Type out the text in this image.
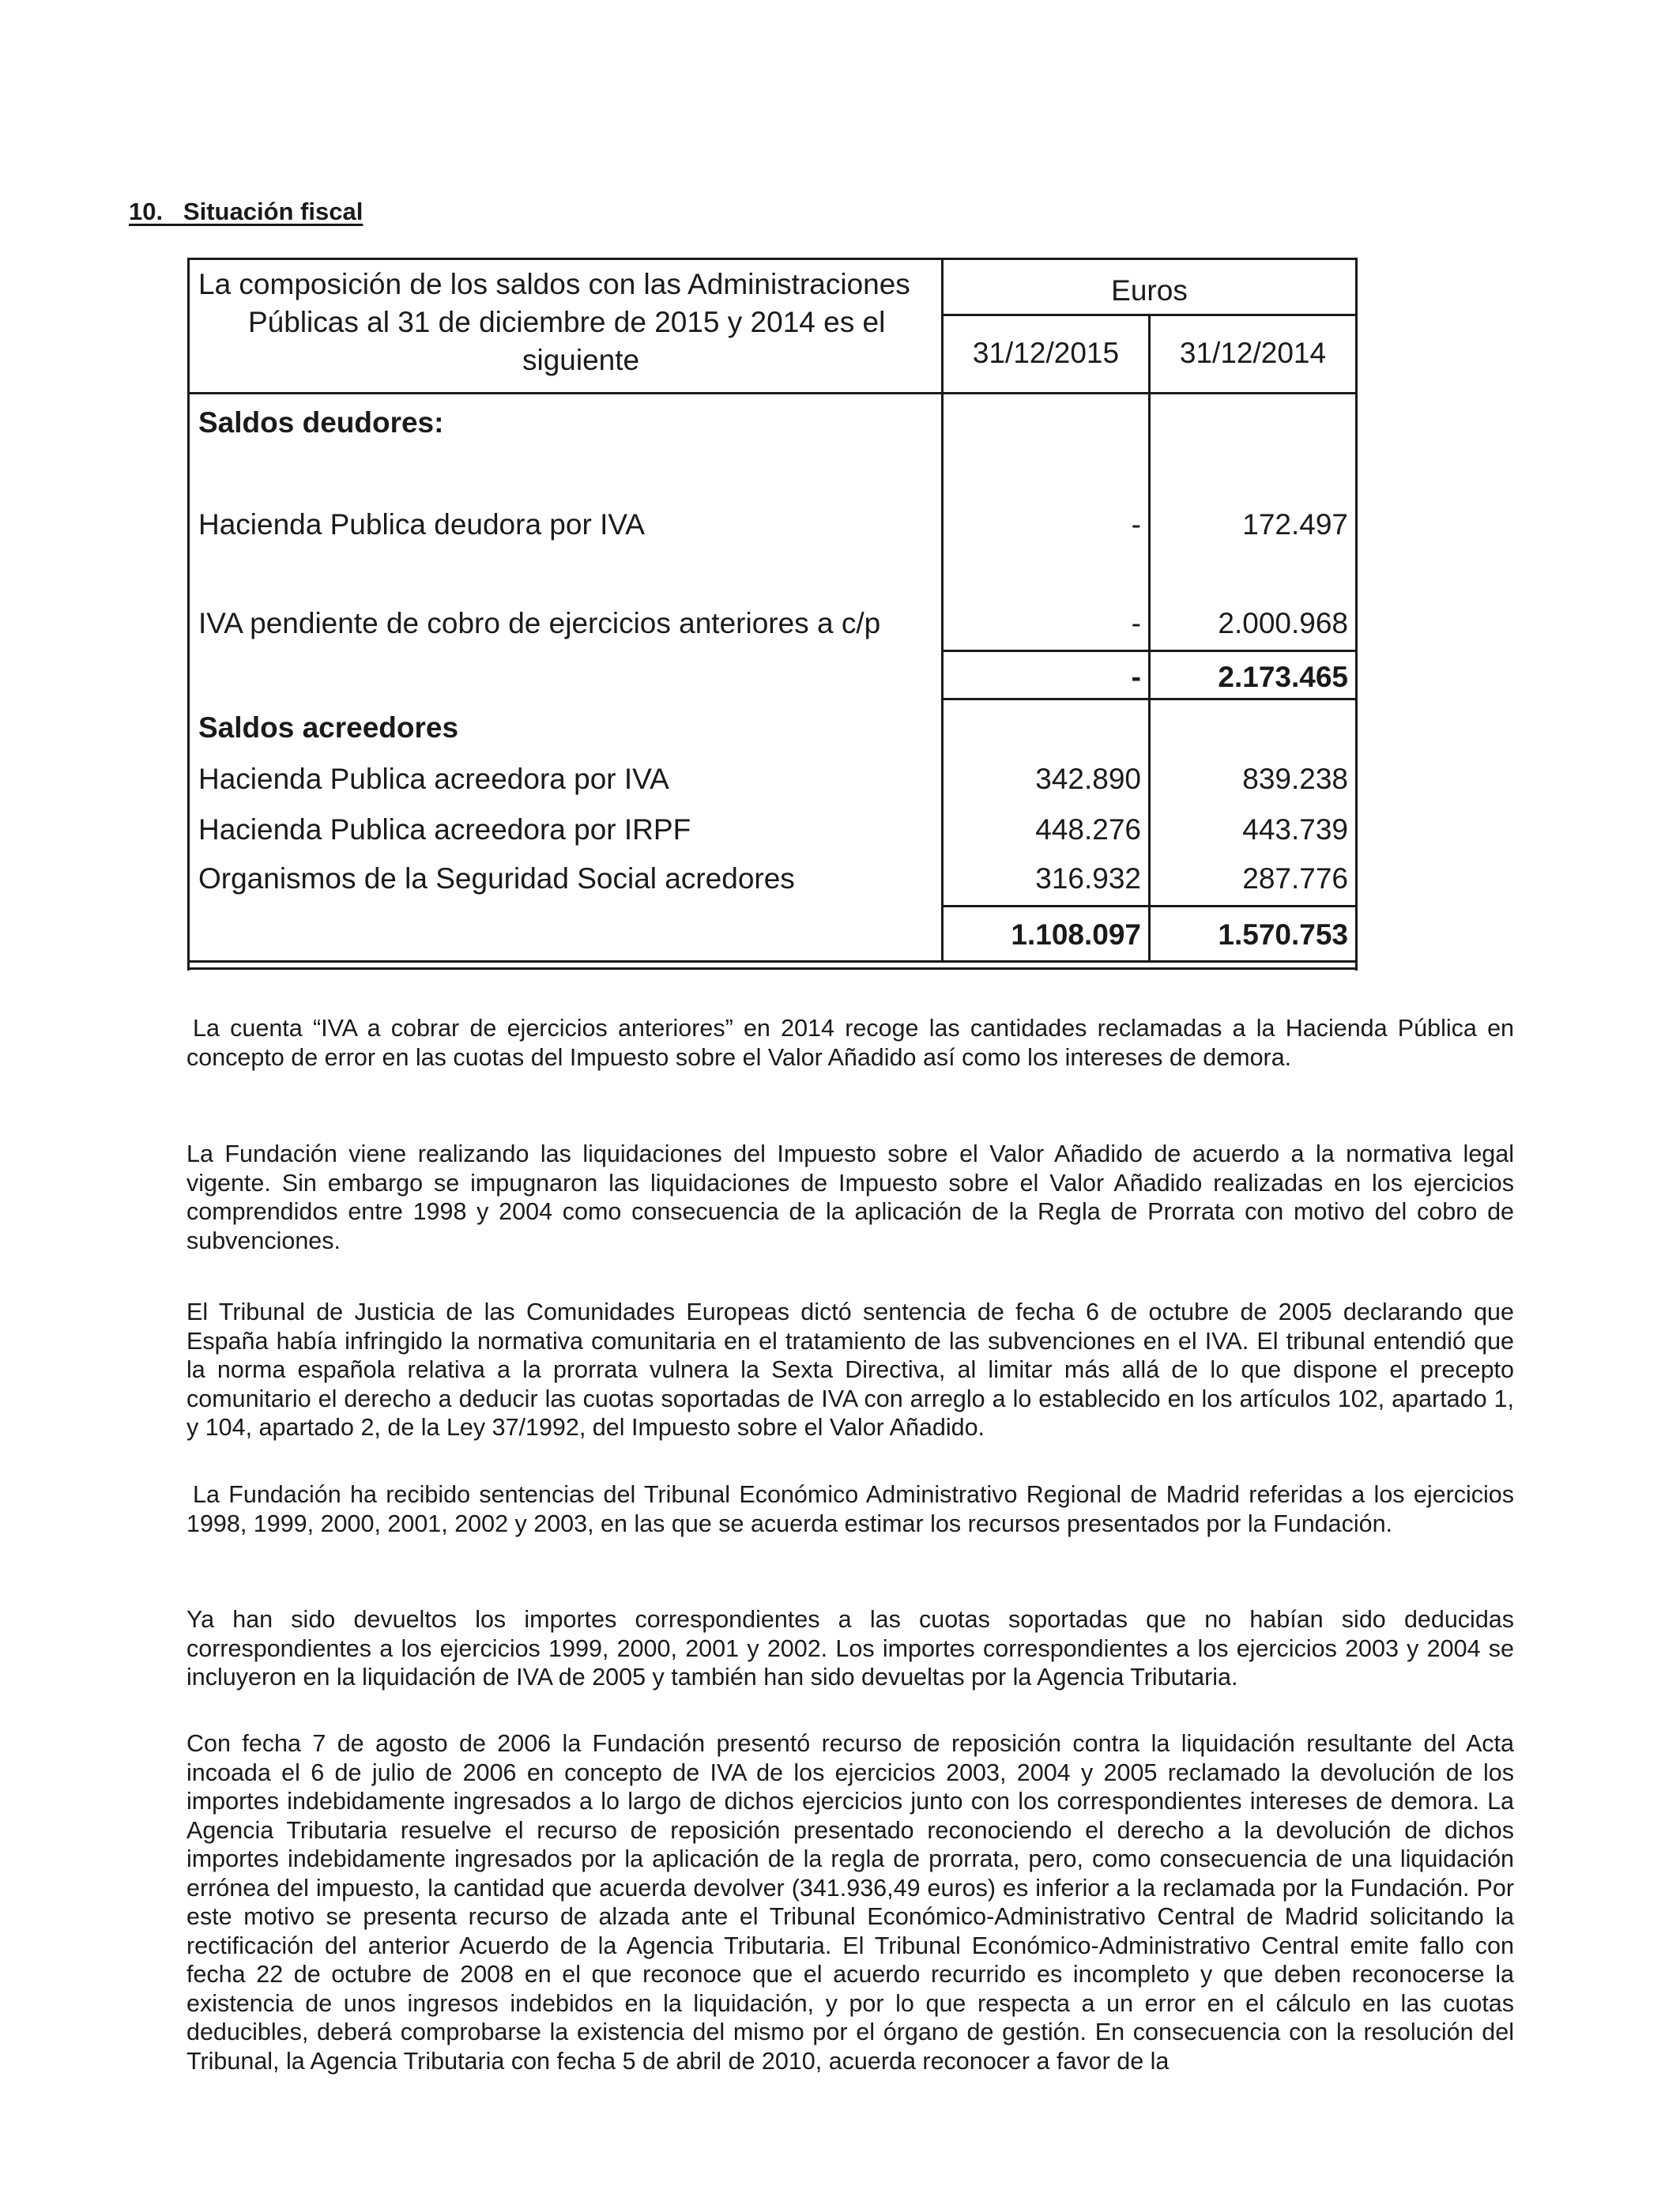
10.   Situación fiscal
La composición de los saldos con las Administraciones
Públicas al 31 de diciembre de 2015 y 2014 es el
siguiente
Euros
31/12/2015	31/12/2014
Saldos deudores:
Hacienda Publica deudora por IVA	-	172.497
IVA pendiente de cobro de ejercicios anteriores a c/p	-	2.000.968
-	2.173.465
Saldos acreedores
Hacienda Publica acreedora por IVA	342.890	839.238
Hacienda Publica acreedora por IRPF	448.276	443.739
Organismos de la Seguridad Social acredores	316.932	287.776
1.108.097	1.570.753

La cuenta “IVA a cobrar de ejercicios anteriores” en 2014 recoge las cantidades reclamadas a la Hacienda Pública en concepto de error en las cuotas del Impuesto sobre el Valor Añadido así como los intereses de demora.

La Fundación viene realizando las liquidaciones del Impuesto sobre el Valor Añadido de acuerdo a la normativa legal vigente. Sin embargo se impugnaron las liquidaciones de Impuesto sobre el Valor Añadido realizadas en los ejercicios comprendidos entre 1998 y 2004 como consecuencia de la aplicación de la Regla de Prorrata con motivo del cobro de subvenciones.

El Tribunal de Justicia de las Comunidades Europeas dictó sentencia de fecha 6 de octubre de 2005 declarando que España había infringido la normativa comunitaria en el tratamiento de las subvenciones en el IVA. El tribunal entendió que la norma española relativa a la prorrata vulnera la Sexta Directiva, al limitar más allá de lo que dispone el precepto comunitario el derecho a deducir las cuotas soportadas de IVA con arreglo a lo establecido en los artículos 102, apartado 1, y 104, apartado 2, de la Ley 37/1992, del Impuesto sobre el Valor Añadido.

La Fundación ha recibido sentencias del Tribunal Económico Administrativo Regional de Madrid referidas a los ejercicios 1998, 1999, 2000, 2001, 2002 y 2003, en las que se acuerda estimar los recursos presentados por la Fundación.

Ya han sido devueltos los importes correspondientes a las cuotas soportadas que no habían sido deducidas correspondientes a los ejercicios 1999, 2000, 2001 y 2002. Los importes correspondientes a los ejercicios 2003 y 2004 se incluyeron en la liquidación de IVA de 2005 y también han sido devueltas por la Agencia Tributaria.

Con fecha 7 de agosto de 2006 la Fundación presentó recurso de reposición contra la liquidación resultante del Acta incoada el 6 de julio de 2006 en concepto de IVA de los ejercicios 2003, 2004 y 2005 reclamado la devolución de los importes indebidamente ingresados a lo largo de dichos ejercicios junto con los correspondientes intereses de demora. La Agencia Tributaria resuelve el recurso de reposición presentado reconociendo el derecho a la devolución de dichos importes indebidamente ingresados por la aplicación de la regla de prorrata, pero, como consecuencia de una liquidación errónea del impuesto, la cantidad que acuerda devolver (341.936,49 euros) es inferior a la reclamada por la Fundación. Por este motivo se presenta recurso de alzada ante el Tribunal Económico-Administrativo Central de Madrid solicitando la rectificación del anterior Acuerdo de la Agencia Tributaria. El Tribunal Económico-Administrativo Central emite fallo con fecha 22 de octubre de 2008 en el que reconoce que el acuerdo recurrido es incompleto y que deben reconocerse la existencia de unos ingresos indebidos en la liquidación, y por lo que respecta a un error en el cálculo en las cuotas deducibles, deberá comprobarse la existencia del mismo por el órgano de gestión. En consecuencia con la resolución del Tribunal, la Agencia Tributaria con fecha 5 de abril de 2010, acuerda reconocer a favor de la
